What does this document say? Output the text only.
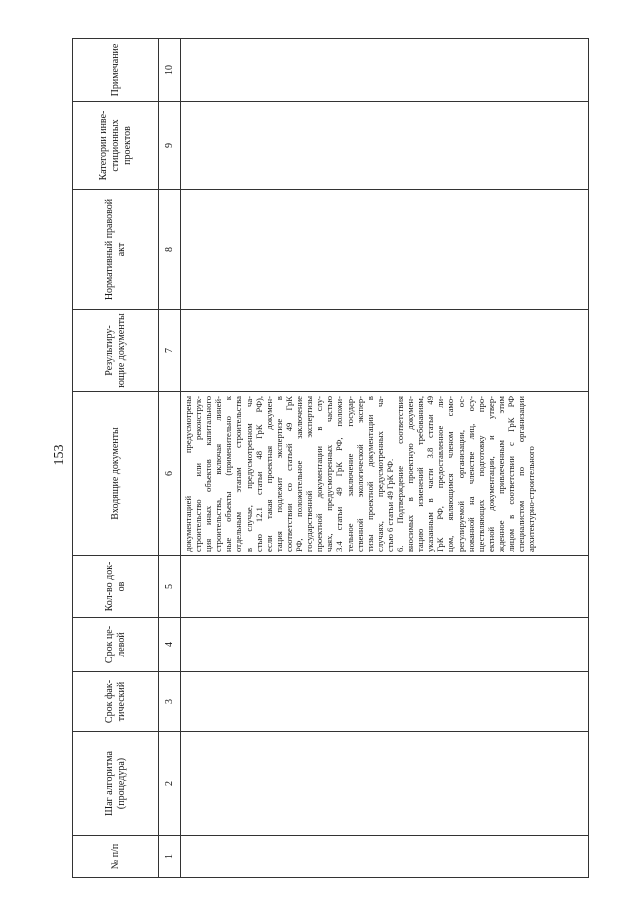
153
№ п/п
Шаг алгоритма (процедура)
Срок фак-тический
Срок це-левой
Кол-во док-ов
Входящие документы
Результиру-ющие документы
Нормативный правовой акт
Категории инве-стиционных проектов
Примечание
1
2
3
4
5
6
7
8
9
10
документацией предусмотрены строительство или реконструк- ция иных объектов капитального строительства, включая линей- ные объекты (применительно к отдельным этапам строительства в случае, предусмотренном ча- стью 12.1 статьи 48 ГрК РФ), если такая проектная докумен- тация подлежит экспертизе в соответствии со статьей 49 ГрК РФ, положительное заключение государственной экспертизы проектной документации в слу- чаях, предусмотренных частью 3.4 статьи 49 ГрК РФ, положи- тельное заключение государ- ственной экологической экспер- тизы проектной документации в случаях, предусмотренных ча- стью 6 статьи 49 ГрК РФ. 6. Подтверждение соответствия вносимых в проектную докумен- тацию изменений требованиям, указанным в части 3.8 статьи 49 ГрК РФ, предоставленное ли- цом, являющимся членом само- регулируемой организации, ос- нованной на членстве лиц, осу- ществляющих подготовку про- ектной документации, и утвер- жденное привлеченным этим лицом в соответствии с ГрК РФ специалистом по организации архитектурно-строительного
